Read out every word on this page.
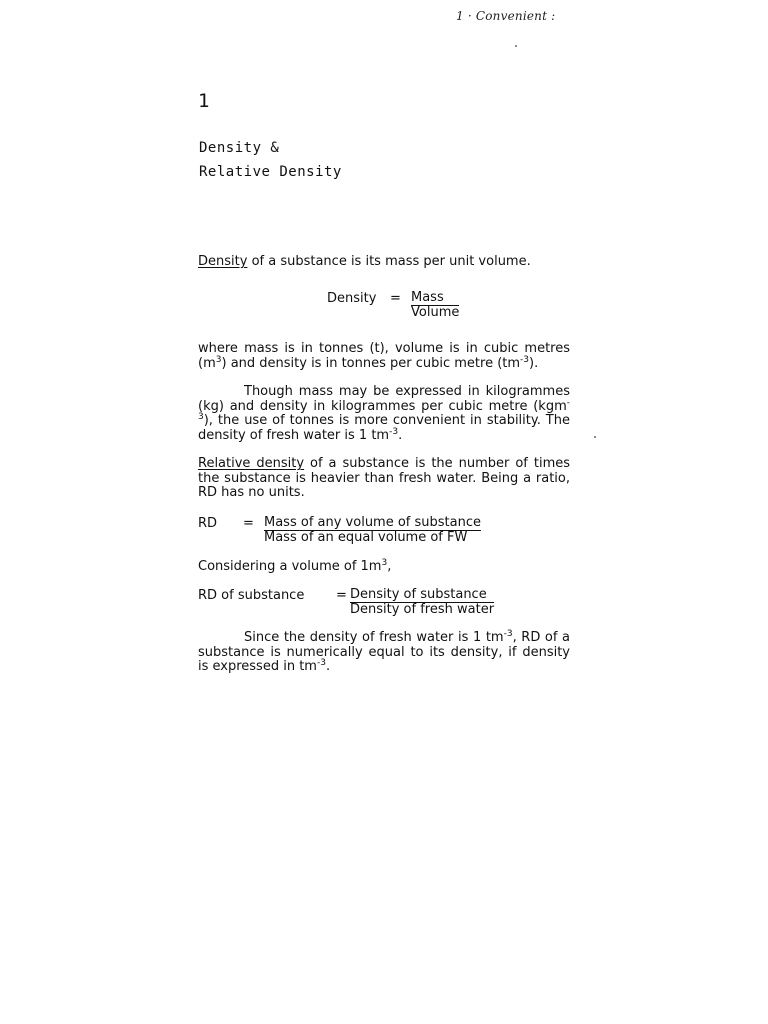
1 · Convenient :
1
Density &
Relative Density
Density of a substance is its mass per unit volume.
Density = Mass
Volume
where mass is in tonnes (t), volume is in cubic metres $(m^3)$ and density is in tonnes per cubic metre $(tm^{-3})$.
Though mass may be expressed in kilogrammes (kg) and density in kilogrammes per cubic metre (kgm$^{-3}$), the use of tonnes is more convenient in stability. The density of fresh water is 1 $tm^{-3}$.
Relative density of a substance is the number of times the substance is heavier than fresh water. Being a ratio, RD has no units.
RD = Mass of any volume of substance
Mass of an equal volume of FW
Considering a volume of $1m^3$,
RD of substance = Density of substance
Density of fresh water
Since the density of fresh water is 1 $tm^{-3}$, RD of a substance is numerically equal to its density, if density is expressed in $tm^{-3}$.
